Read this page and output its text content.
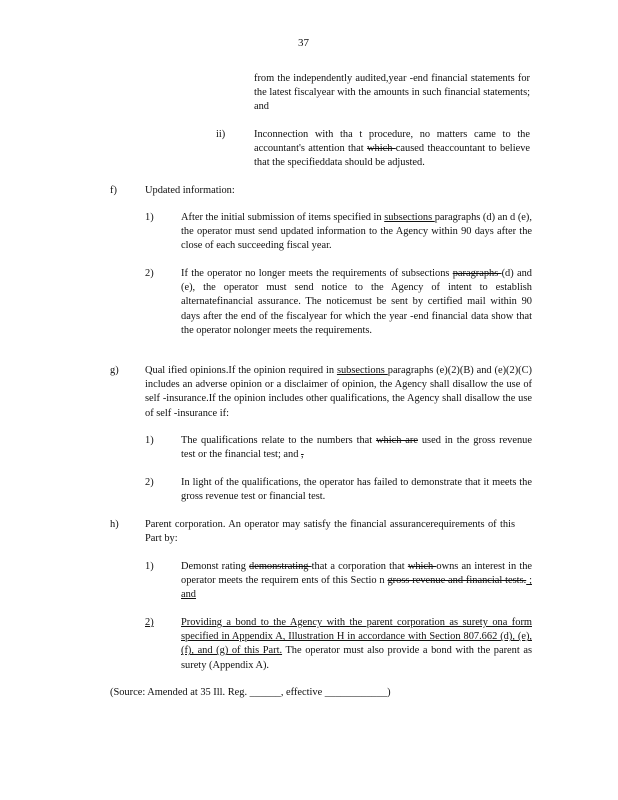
37
from the independently audited,year -end financial statements for the latest fiscalyear with the amounts in such financial statements; and
ii)	Inconnection with tha t procedure, no matters came to the accountant's attention that which caused theaccountant to believe that the specifieddata should be adjusted.
f)	Updated information:
1)	After the initial submission of items specified in subsections paragraphs (d) an d (e), the operator must send updated information to the Agency within 90 days after the close of each succeeding fiscal year.
2)	If the operator no longer meets the requirements of subsections paragraphs (d) and (e), the operator must send notice to the Agency of intent to establish alternatefinancial assurance. The noticemust be sent by certified mail within 90 days after the end of the fiscalyear for which the year -end financial data show that the operator nolonger meets the requirements.
g)	Qual ified opinions.If the opinion required in subsections paragraphs (e)(2)(B) and (e)(2)(C) includes an adverse opinion or a disclaimer of opinion, the Agency shall disallow the use of self -insurance.If the opinion includes other qualifications, the Agency shall disallow the use of self -insurance if:
1)	The qualifications relate to the numbers that which are used in the gross revenue test or the financial test; and ,
2)	In light of the qualifications, the operator has failed to demonstrate that it meets the gross revenue test or financial test.
h)	Parent corporation. An operator may satisfy the financial assurancerequirements of this Part by:
1)	Demonst rating demonstrating that a corporation that which owns an interest in the operator meets the requirem ents of this Sectio n gross revenue and financial tests. ; and
2)	Providing a bond to the Agency with the parent corporation as surety ona form specified in Appendix A, Illustration H in accordance with Section 807.662 (d), (e), (f), and (g) of this Part. The operator must also provide a bond with the parent as surety (Appendix A).
(Source: Amended at 35 Ill. Reg. ______, effective ____________)
